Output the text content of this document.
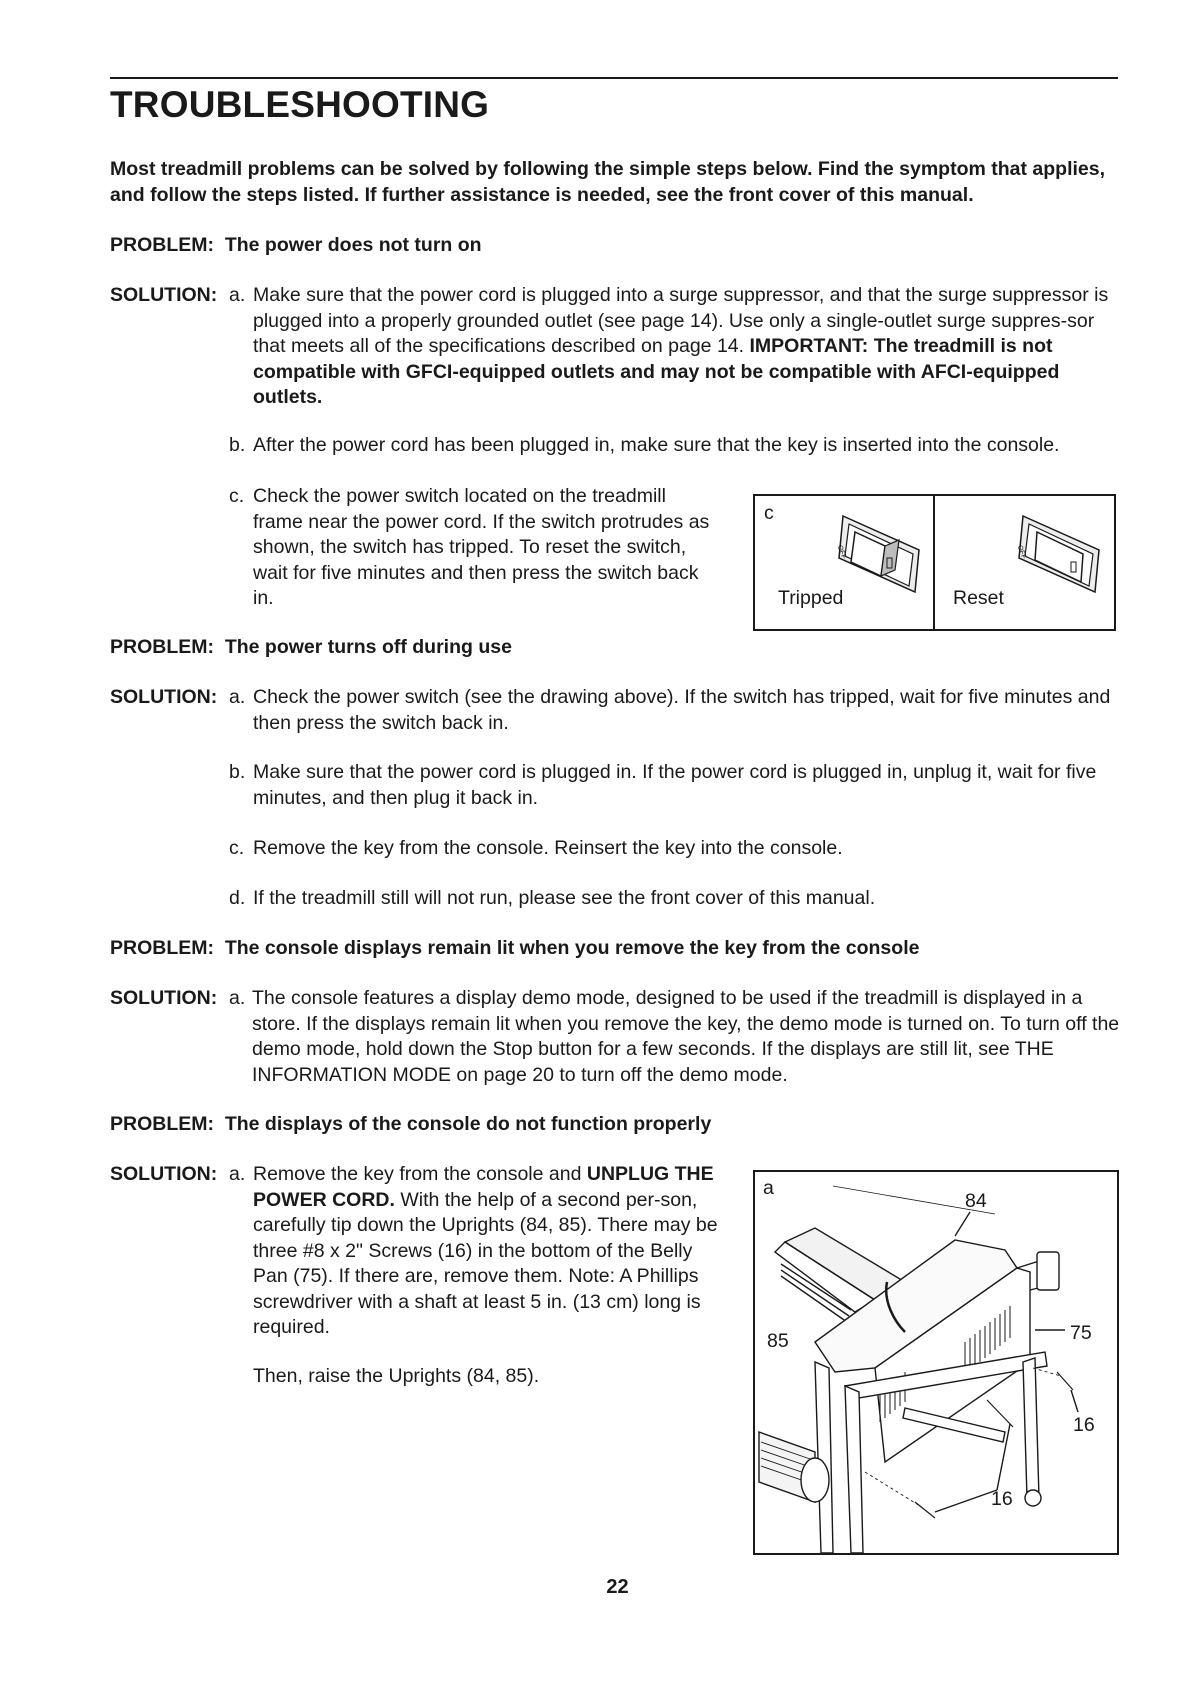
TROUBLESHOOTING
Most treadmill problems can be solved by following the simple steps below. Find the symptom that applies, and follow the steps listed. If further assistance is needed, see the front cover of this manual.
PROBLEM: The power does not turn on
SOLUTION: a. Make sure that the power cord is plugged into a surge suppressor, and that the surge suppressor is plugged into a properly grounded outlet (see page 14). Use only a single-outlet surge suppres-sor that meets all of the specifications described on page 14. IMPORTANT: The treadmill is not compatible with GFCI-equipped outlets and may not be compatible with AFCI-equipped outlets.
b. After the power cord has been plugged in, make sure that the key is inserted into the console.
c. Check the power switch located on the treadmill frame near the power cord. If the switch protrudes as shown, the switch has tripped. To reset the switch, wait for five minutes and then press the switch back in.
c
Tripped	Reset
OFF	OFF
PROBLEM: The power turns off during use
SOLUTION: a. Check the power switch (see the drawing above). If the switch has tripped, wait for five minutes and then press the switch back in.
b. Make sure that the power cord is plugged in. If the power cord is plugged in, unplug it, wait for five minutes, and then plug it back in.
c. Remove the key from the console. Reinsert the key into the console.
d. If the treadmill still will not run, please see the front cover of this manual.
PROBLEM: The console displays remain lit when you remove the key from the console
SOLUTION: a. The console features a display demo mode, designed to be used if the treadmill is displayed in a store. If the displays remain lit when you remove the key, the demo mode is turned on. To turn off the demo mode, hold down the Stop button for a few seconds. If the displays are still lit, see THE INFORMATION MODE on page 20 to turn off the demo mode.
PROBLEM: The displays of the console do not function properly
SOLUTION: a. Remove the key from the console and UNPLUG THE POWER CORD. With the help of a second per-son, carefully tip down the Uprights (84, 85). There may be three #8 x 2" Screws (16) in the bottom of the Belly Pan (75). If there are, remove them. Note: A Phillips screwdriver with a shaft at least 5 in. (13 cm) long is required.
Then, raise the Uprights (84, 85).
a
84
85	75
16
16
22
